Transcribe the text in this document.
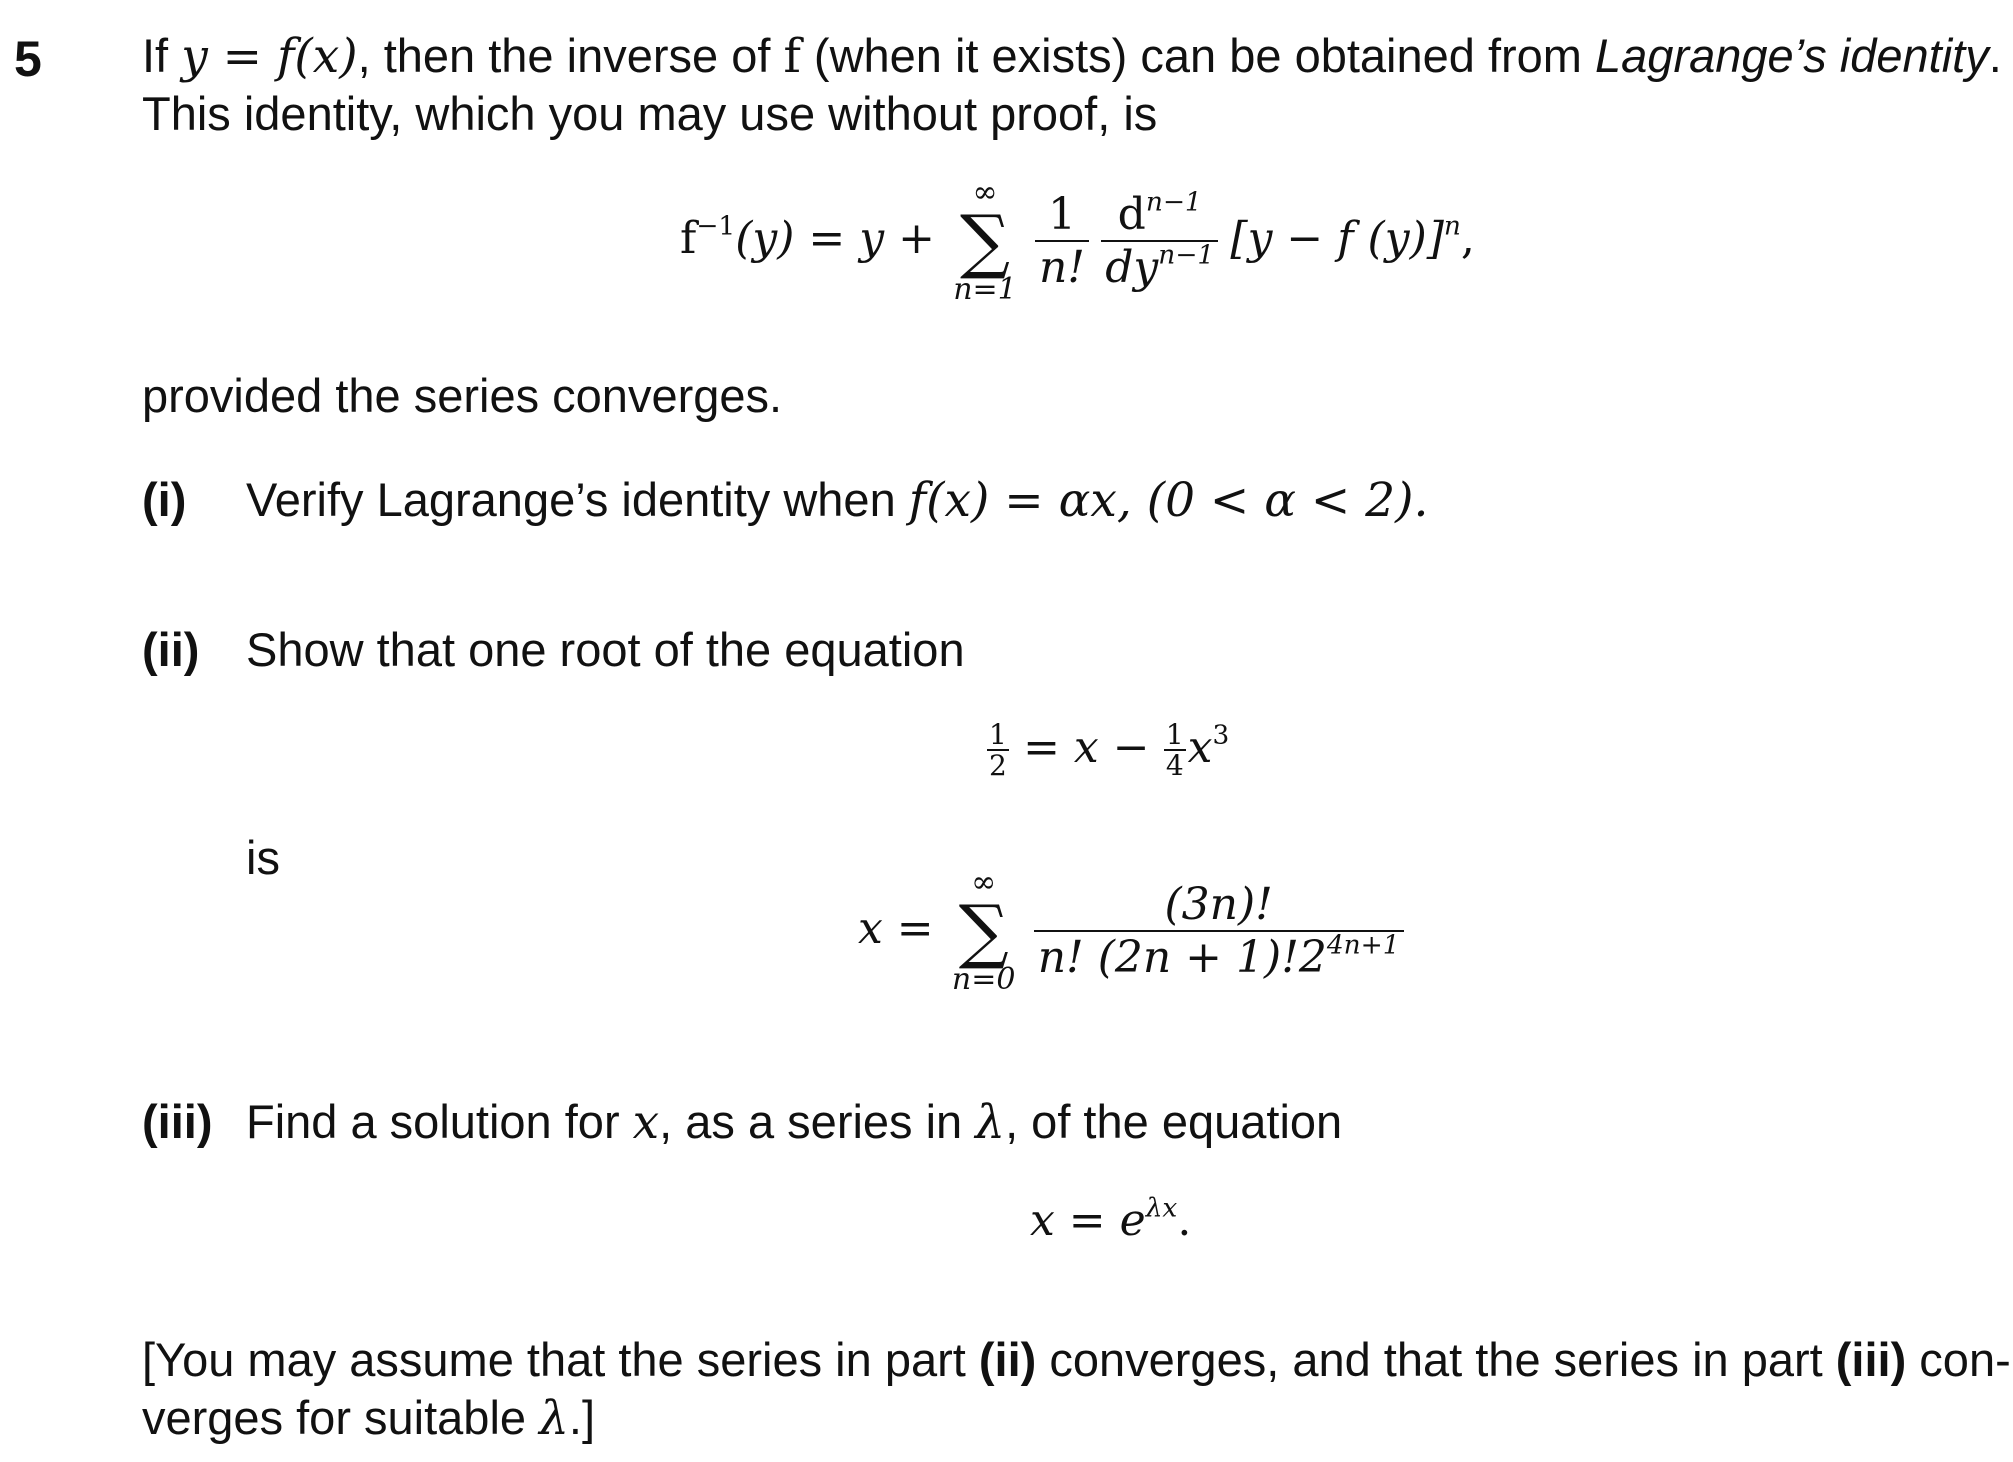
5 If y = f(x), then the inverse of f (when it exists) can be obtained from Lagrange’s identity.
This identity, which you may use without proof, is
$f^{-1}(y) = y$ +
∞
∑
n=1
$\frac{1}{n!}$
$\frac{d^{n-1}}{dy^{n-1}} [y - f$ (y)]$^n$,
provided the series converges.
(i) Verify Lagrange’s identity when f(x) = αx, (0 < α < 2).
(ii) Show that one root of the equation
$\frac{1}{2} = x - \frac{1}{4} x^3$
is
x =
∞
∑
n=0
$\frac{(3n)!}{n! (2n + 1)!2^{4n+1}}$
(iii) Find a solution for x, as a series in λ, of the equation
$x = e^{\lambda x}$.
[You may assume that the series in part (ii) converges, and that the series in part (iii) con-
verges for suitable λ.]
